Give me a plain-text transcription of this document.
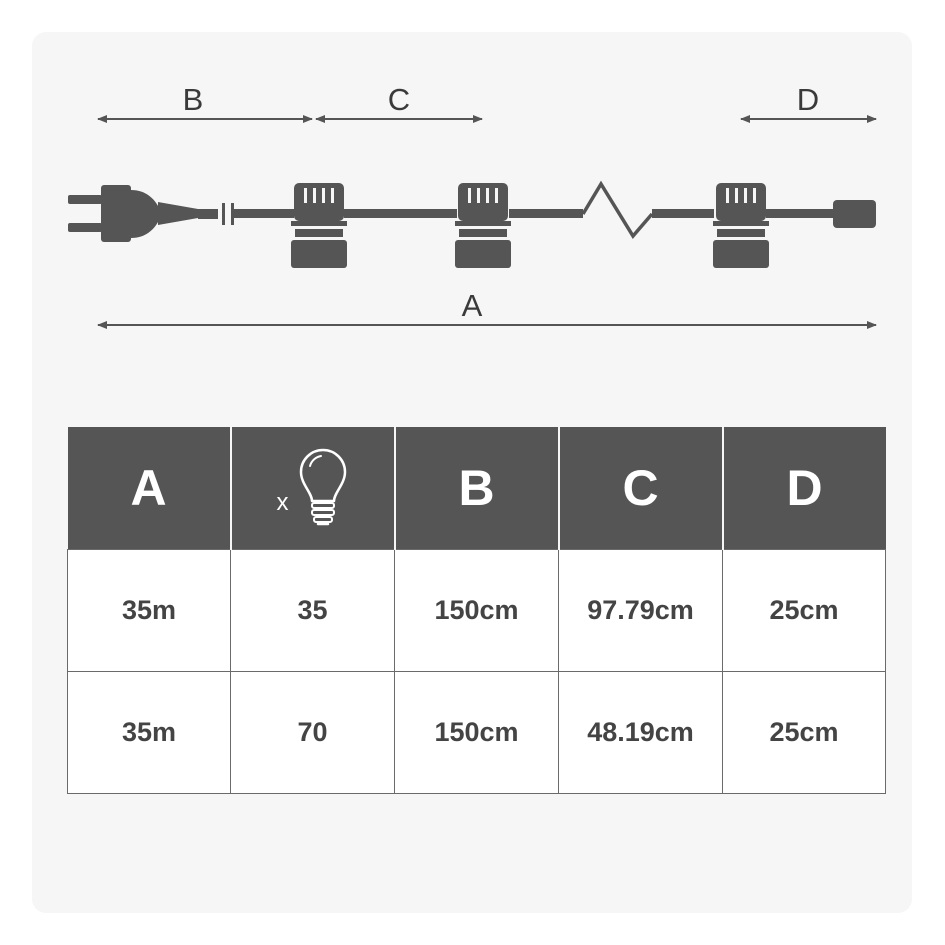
B	C	D
A
A	x	B	C	D
35m	35	150cm	97.79cm	25cm
35m	70	150cm	48.19cm	25cm
